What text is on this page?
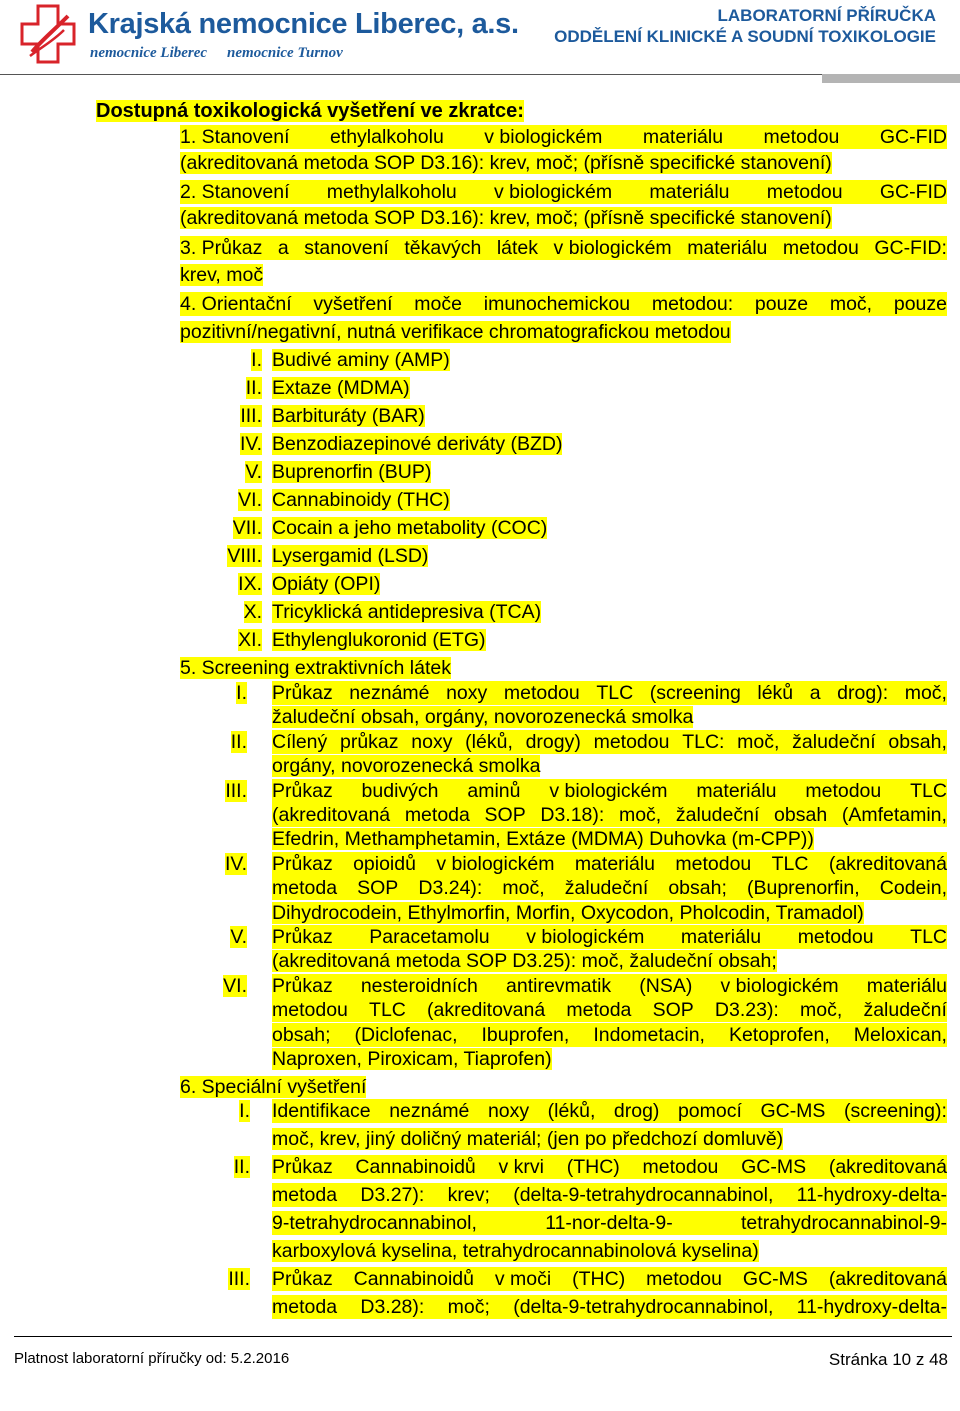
Krajská nemocnice Liberec, a.s.
nemocnice Liberec nemocnice Turnov
LABORATORNÍ PŘÍRUČKA
ODDĚLENÍ KLINICKÉ A SOUDNÍ TOXIKOLOGIE
Dostupná toxikologická vyšetření ve zkratce:
1. Stanovení ethylalkoholu v biologickém materiálu metodou GC-FID
(akreditovaná metoda SOP D3.16): krev, moč; (přísně specifické stanovení)
2. Stanovení methylalkoholu v biologickém materiálu metodou GC-FID
(akreditovaná metoda SOP D3.16): krev, moč; (přísně specifické stanovení)
3. Průkaz a stanovení těkavých látek v biologickém materiálu metodou GC-FID:
krev, moč
4. Orientační vyšetření moče imunochemickou metodou: pouze moč, pouze
pozitivní/negativní, nutná verifikace chromatografickou metodou
I. Budivé aminy (AMP)
II. Extaze (MDMA)
III. Barbituráty (BAR)
IV. Benzodiazepinové deriváty (BZD)
V. Buprenorfin (BUP)
VI. Cannabinoidy (THC)
VII. Cocain a jeho metabolity (COC)
VIII. Lysergamid (LSD)
IX. Opiáty (OPI)
X. Tricyklická antidepresiva (TCA)
XI. Ethylenglukoronid (ETG)
5. Screening extraktivních látek
I. Průkaz neznámé noxy metodou TLC (screening léků a drog): moč,
žaludeční obsah, orgány, novorozenecká smolka
II. Cílený průkaz noxy (léků, drogy) metodou TLC: moč, žaludeční obsah,
orgány, novorozenecká smolka
III. Průkaz budivých aminů v biologickém materiálu metodou TLC
(akreditovaná metoda SOP D3.18): moč, žaludeční obsah (Amfetamin,
Efedrin, Methamphetamin, Extáze (MDMA) Duhovka (m-CPP))
IV. Průkaz opioidů v biologickém materiálu metodou TLC (akreditovaná
metoda SOP D3.24): moč, žaludeční obsah; (Buprenorfin, Codein,
Dihydrocodein, Ethylmorfin, Morfin, Oxycodon, Pholcodin, Tramadol)
V. Průkaz Paracetamolu v biologickém materiálu metodou TLC
(akreditovaná metoda SOP D3.25): moč, žaludeční obsah;
VI. Průkaz nesteroidních antirevmatik (NSA) v biologickém materiálu
metodou TLC (akreditovaná metoda SOP D3.23): moč, žaludeční
obsah; (Diclofenac, Ibuprofen, Indometacin, Ketoprofen, Meloxican,
Naproxen, Piroxicam, Tiaprofen)
6. Speciální vyšetření
I. Identifikace neznámé noxy (léků, drog) pomocí GC-MS (screening):
moč, krev, jiný doličný materiál; (jen po předchozí domluvě)
II. Průkaz Cannabinoidů v krvi (THC) metodou GC-MS (akreditovaná
metoda D3.27): krev; (delta-9-tetrahydrocannabinol, 11-hydroxy-delta-
9-tetrahydrocannabinol,	11-nor-delta-9-	tetrahydrocannabinol-9-
karboxylová kyselina, tetrahydrocannabinolová kyselina)
III. Průkaz Cannabinoidů v moči (THC) metodou GC-MS (akreditovaná
metoda D3.28): moč; (delta-9-tetrahydrocannabinol, 11-hydroxy-delta-
Platnost laboratorní příručky od: 5.2.2016	Stránka 10 z 48
